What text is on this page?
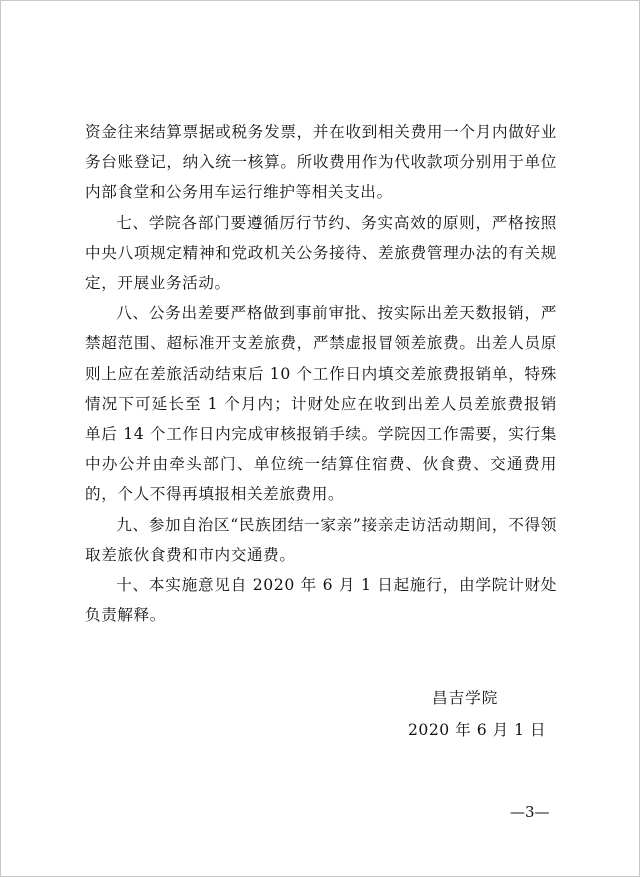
资金往来结算票据或税务发票，并在收到相关费用一个月内做好业务台账登记，纳入统一核算。所收费用作为代收款项分别用于单位内部食堂和公务用车运行维护等相关支出。

七、学院各部门要遵循厉行节约、务实高效的原则，严格按照中央八项规定精神和党政机关公务接待、差旅费管理办法的有关规定，开展业务活动。

八、公务出差要严格做到事前审批、按实际出差天数报销，严禁超范围、超标准开支差旅费，严禁虚报冒领差旅费。出差人员原则上应在差旅活动结束后 10 个工作日内填交差旅费报销单，特殊情况下可延长至 1 个月内；计财处应在收到出差人员差旅费报销单后 14 个工作日内完成审核报销手续。学院因工作需要，实行集中办公并由牵头部门、单位统一结算住宿费、伙食费、交通费用的，个人不得再填报相关差旅费用。

九、参加自治区“民族团结一家亲”接亲走访活动期间，不得领取差旅伙食费和市内交通费。

十、本实施意见自 2020 年 6 月 1 日起施行，由学院计财处负责解释。

昌吉学院
2020 年 6 月 1 日
—3—
